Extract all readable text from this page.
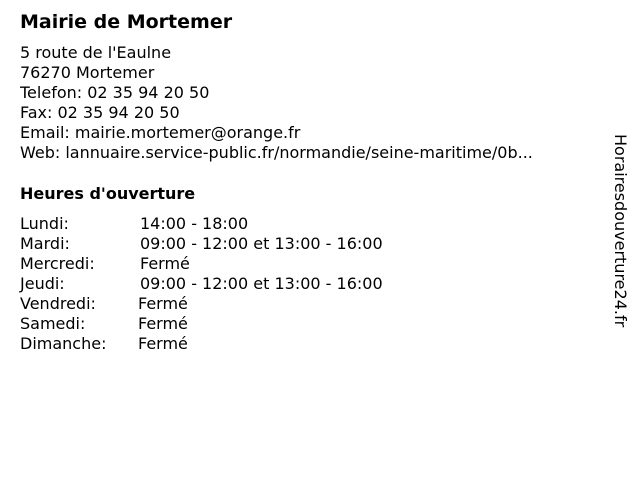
Mairie de Mortemer
5 route de l'Eaulne
76270 Mortemer
Telefon: 02 35 94 20 50
Fax: 02 35 94 20 50
Email: mairie.mortemer@orange.fr
Web: lannuaire.service-public.fr/normandie/seine-maritime/0b...
Heures d'ouverture
Lundi:	14:00 - 18:00
Mardi:	09:00 - 12:00 et 13:00 - 16:00
Mercredi:	Fermé
Jeudi:	09:00 - 12:00 et 13:00 - 16:00
Vendredi:	Fermé
Samedi:	Fermé
Dimanche: Fermé
Horairesdouverture24.fr
